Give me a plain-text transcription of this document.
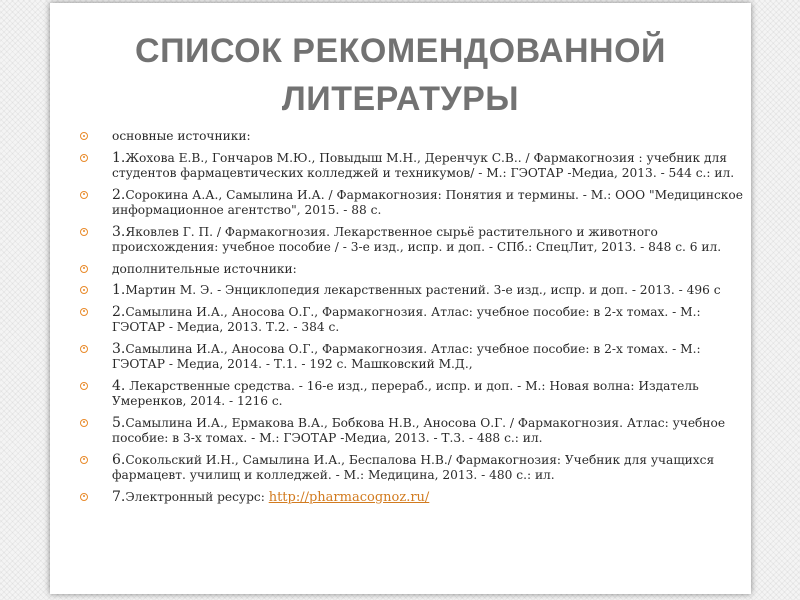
СПИСОК РЕКОМЕНДОВАННОЙ
ЛИТЕРАТУРЫ
основные источники:
1.Жохова Е.В., Гончаров М.Ю., Повыдыш М.Н., Деренчук С.В.. / Фармакогнозия : учебник для студентов фармацевтических колледжей и техникумов/ - М.: ГЭОТАР -Медиа, 2013. - 544 с.: ил.
2.Сорокина А.А., Самылина И.А. / Фармакогнозия: Понятия и термины. - М.: ООО "Медицинское информационное агентство", 2015. - 88 с.
3.Яковлев Г. П. / Фармакогнозия. Лекарственное сырьё растительного и животного происхождения: учебное пособие / - 3-е изд., испр. и доп. - СПб.: СпецЛит, 2013. - 848 с. 6 ил.
дополнительные источники:
1.Мартин М. Э. - Энциклопедия лекарственных растений. 3-е изд., испр. и доп. - 2013. - 496 с
2.Самылина И.А., Аносова О.Г., Фармакогнозия. Атлас: учебное пособие: в 2-х томах. - М.: ГЭОТАР - Медиа, 2013. Т.2. - 384 с.
3.Самылина И.А., Аносова О.Г., Фармакогнозия. Атлас: учебное пособие: в 2-х томах. - М.: ГЭОТАР - Медиа, 2014. - Т.1. - 192 с. Машковский М.Д.,
4. Лекарственные средства. - 16-е изд., перераб., испр. и доп. - М.: Новая волна: Издатель Умеренков, 2014. - 1216 с.
5.Самылина И.А., Ермакова В.А., Бобкова Н.В., Аносова О.Г. / Фармакогнозия. Атлас: учебное пособие: в 3-х томах. - М.: ГЭОТАР -Медиа, 2013. - Т.3. - 488 с.: ил.
6.Сокольский И.Н., Самылина И.А., Беспалова Н.В./ Фармакогнозия: Учебник для учащихся фармацевт. училищ и колледжей. - М.: Медицина, 2013. - 480 с.: ил.
7.Электронный ресурс: http://pharmacognoz.ru/
